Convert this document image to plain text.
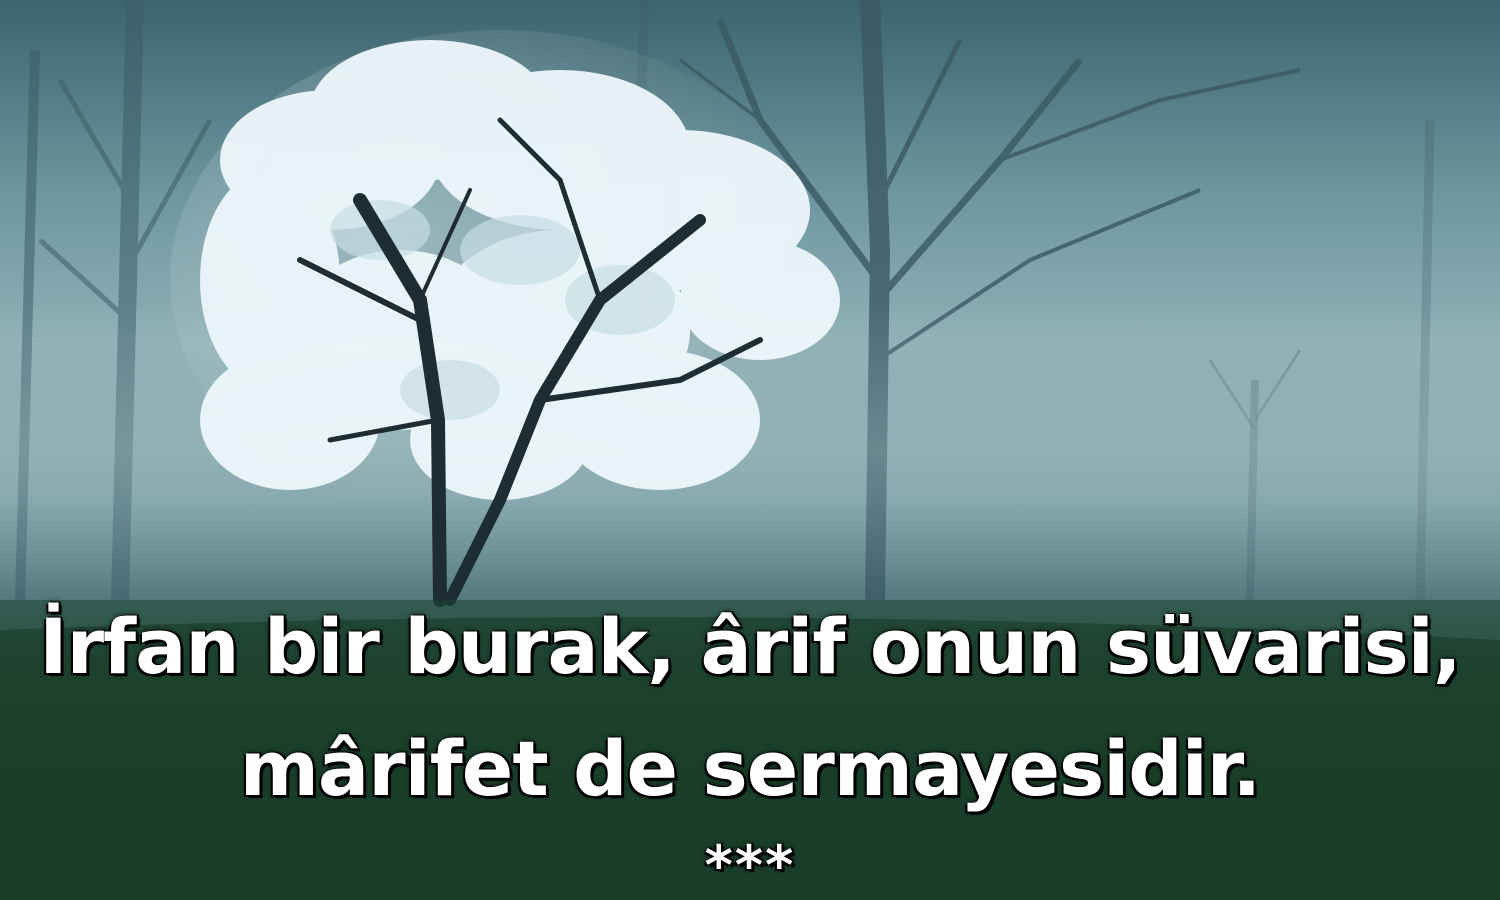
İrfan bir burak, ârif onun süvarisi,
mârifet de sermayesidir.
***
